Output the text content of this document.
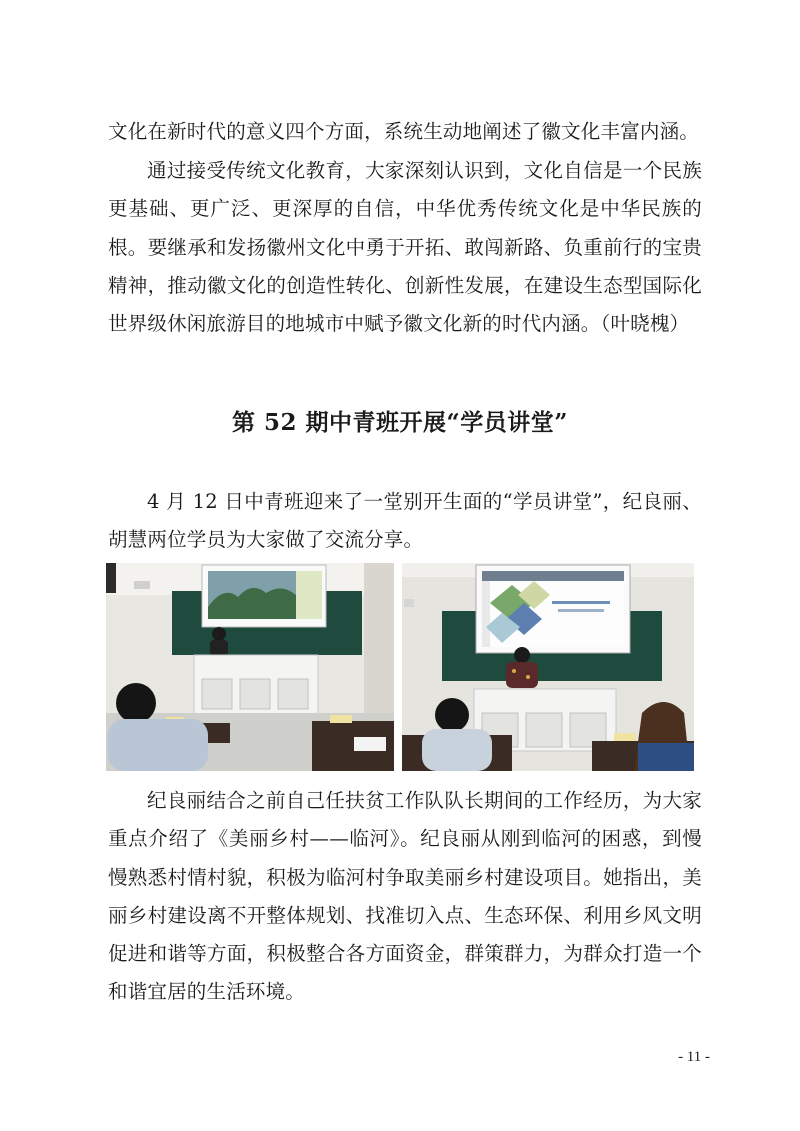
文化在新时代的意义四个方面，系统生动地阐述了徽文化丰富内涵。

通过接受传统文化教育，大家深刻认识到，文化自信是一个民族更基础、更广泛、更深厚的自信，中华优秀传统文化是中华民族的根。要继承和发扬徽州文化中勇于开拓、敢闯新路、负重前行的宝贵精神，推动徽文化的创造性转化、创新性发展，在建设生态型国际化世界级休闲旅游目的地城市中赋予徽文化新的时代内涵。（叶晓槐）

第 52 期中青班开展“学员讲堂”

4 月 12 日中青班迎来了一堂别开生面的“学员讲堂”，纪良丽、胡慧两位学员为大家做了交流分享。

纪良丽结合之前自己任扶贫工作队队长期间的工作经历，为大家重点介绍了《美丽乡村——临河》。纪良丽从刚到临河的困惑，到慢慢熟悉村情村貌，积极为临河村争取美丽乡村建设项目。她指出，美丽乡村建设离不开整体规划、找准切入点、生态环保、利用乡风文明促进和谐等方面，积极整合各方面资金，群策群力，为群众打造一个和谐宜居的生活环境。

- 11 -
